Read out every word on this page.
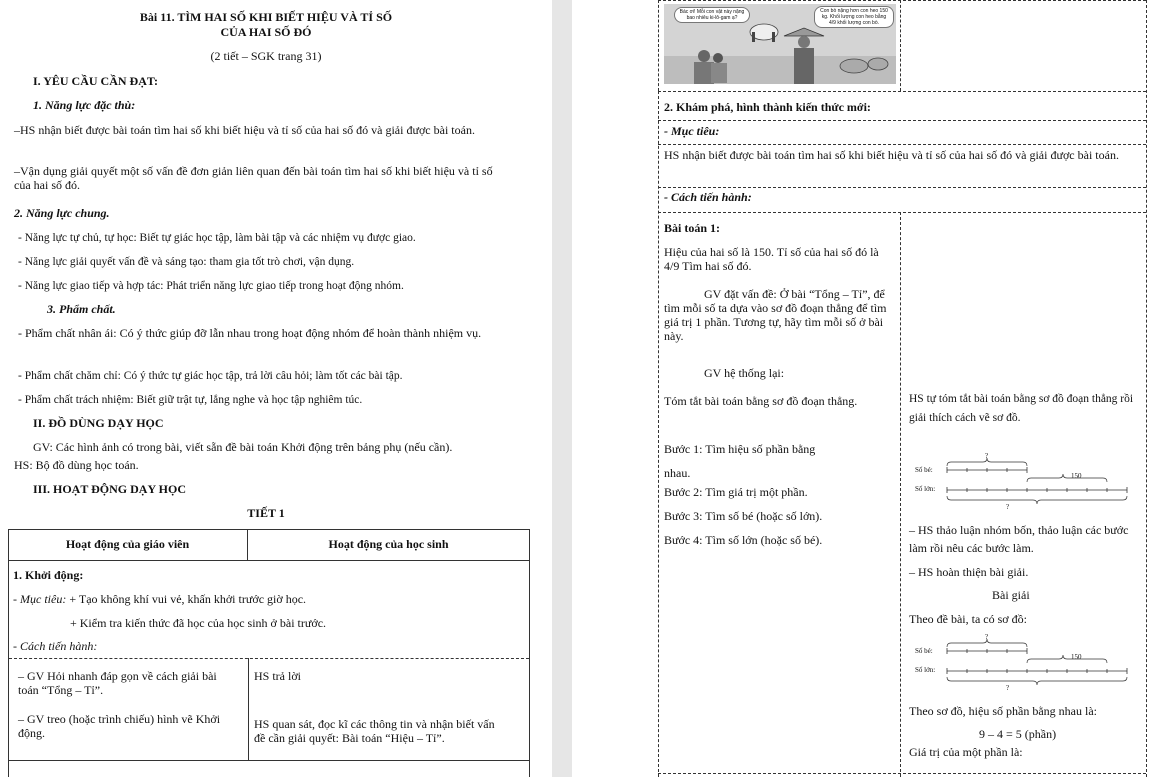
Bài 11. TÌM HAI SỐ KHI BIẾT HIỆU VÀ TỈ SỐ
CỦA HAI SỐ ĐÓ
(2 tiết – SGK trang 31)
I. YÊU CẦU CẦN ĐẠT:
1. Năng lực đặc thù:
–HS nhận biết được bài toán tìm hai số khi biết hiệu và tỉ số của hai số đó và giải được bài toán.
–Vận dụng giải quyết một số vấn đề đơn giản liên quan đến bài toán tìm hai số khi biết hiệu và tỉ số của hai số đó.
2. Năng lực chung.
- Năng lực tự chủ, tự học: Biết tự giác học tập, làm bài tập và các nhiệm vụ được giao.
- Năng lực giải quyết vấn đề và sáng tạo: tham gia tốt trò chơi, vận dụng.
- Năng lực giao tiếp và hợp tác: Phát triển năng lực giao tiếp trong hoạt động nhóm.
3. Phẩm chất.
- Phẩm chất nhân ái: Có ý thức giúp đỡ lẫn nhau trong hoạt động nhóm để hoàn thành nhiệm vụ.
- Phẩm chất chăm chỉ: Có ý thức tự giác học tập, trả lời câu hỏi; làm tốt các bài tập.
- Phẩm chất trách nhiệm: Biết giữ trật tự, lắng nghe và học tập nghiêm túc.
II. ĐỒ DÙNG DẠY HỌC
GV: Các hình ảnh có trong bài, viết sẵn đề bài toán Khởi động trên bảng phụ (nếu cần).
HS: Bộ đồ dùng học toán.
III. HOẠT ĐỘNG DẠY HỌC
TIẾT 1
Hoạt động của giáo viên	Hoạt động của học sinh
1. Khởi động:
- Mục tiêu: + Tạo không khí vui vẻ, khấn khởi trước giờ học.
+ Kiểm tra kiến thức đã học của học sinh ở bài trước.
- Cách tiến hành:
– GV Hỏi nhanh đáp gọn về cách giải bài toán “Tổng – Tỉ”.
HS trả lời
– GV treo (hoặc trình chiếu) hình vẽ Khởi động.
HS quan sát, đọc kĩ các thông tin và nhận biết vấn đề cần giải quyết: Bài toán “Hiệu – Tỉ”.
Bác ơi! Mỗi con vật này nặng bao nhiêu ki-lô-gam ạ?
Con bò nặng hơn con heo 150 kg. Khối lượng con heo bằng 4/9 khối lượng con bò.
2. Khám phá, hình thành kiến thức mới:
- Mục tiêu:
HS nhận biết được bài toán tìm hai số khi biết hiệu và tỉ số của hai số đó và giải được bài toán.
- Cách tiến hành:
Bài toán 1:
Hiệu của hai số là 150. Tỉ số của hai số đó là 4/9 Tìm hai số đó.
GV đặt vấn đề: Ở bài “Tổng – Tỉ”, để tìm mỗi số ta dựa vào sơ đồ đoạn thẳng để tìm giá trị 1 phần. Tương tự, hãy tìm mỗi số ở bài này.
GV hệ thống lại:
Tóm tắt bài toán bằng sơ đồ đoạn thẳng.
Bước 1: Tìm hiệu số phần bằng nhau.
Bước 2: Tìm giá trị một phần.
Bước 3: Tìm số bé (hoặc số lớn).
Bước 4: Tìm số lớn (hoặc số bé).
HS tự tóm tắt bài toán bằng sơ đồ đoạn thẳng rồi giải thích cách vẽ sơ đồ.
Số bé:
Số lớn:
?
150
?
– HS thảo luận nhóm bốn, thảo luận các bước làm rồi nêu các bước làm.
– HS hoàn thiện bài giải.
Bài giải
Theo đề bài, ta có sơ đồ:
Số bé:
Số lớn:
?
150
?
Theo sơ đồ, hiệu số phần bằng nhau là:
9 – 4 = 5 (phần)
Giá trị của một phần là:
